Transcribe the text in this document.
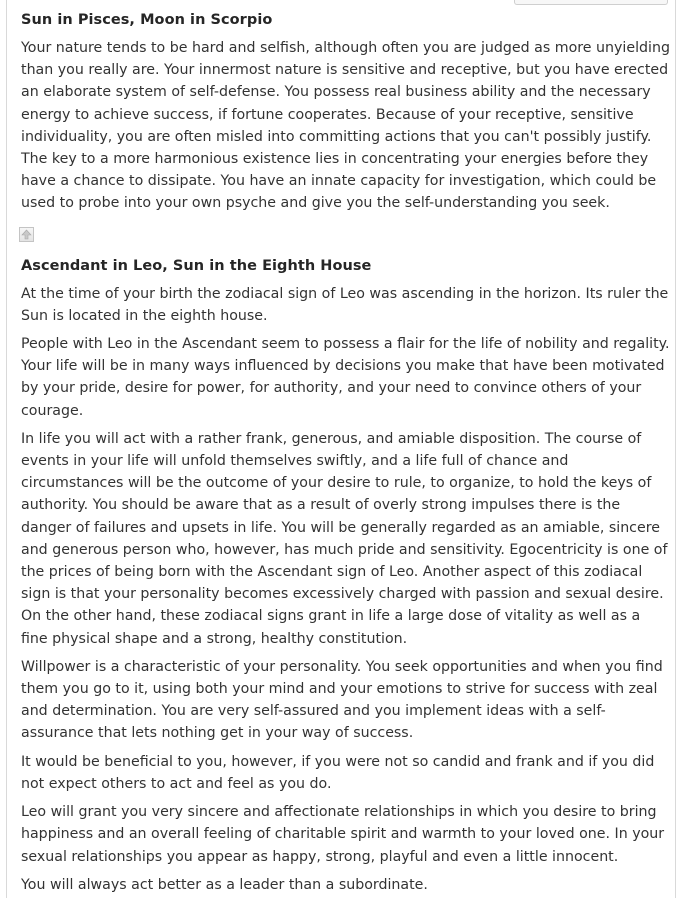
Sun in Pisces, Moon in Scorpio

Your nature tends to be hard and selfish, although often you are judged as more unyielding than you really are. Your innermost nature is sensitive and receptive, but you have erected an elaborate system of self-defense. You possess real business ability and the necessary energy to achieve success, if fortune cooperates. Because of your receptive, sensitive individuality, you are often misled into committing actions that you can't possibly justify. The key to a more harmonious existence lies in concentrating your energies before they have a chance to dissipate. You have an innate capacity for investigation, which could be used to probe into your own psyche and give you the self-understanding you seek.

Ascendant in Leo, Sun in the Eighth House

At the time of your birth the zodiacal sign of Leo was ascending in the horizon. Its ruler the Sun is located in the eighth house.

People with Leo in the Ascendant seem to possess a flair for the life of nobility and regality. Your life will be in many ways influenced by decisions you make that have been motivated by your pride, desire for power, for authority, and your need to convince others of your courage.

In life you will act with a rather frank, generous, and amiable disposition. The course of events in your life will unfold themselves swiftly, and a life full of chance and circumstances will be the outcome of your desire to rule, to organize, to hold the keys of authority. You should be aware that as a result of overly strong impulses there is the danger of failures and upsets in life. You will be generally regarded as an amiable, sincere and generous person who, however, has much pride and sensitivity. Egocentricity is one of the prices of being born with the Ascendant sign of Leo. Another aspect of this zodiacal sign is that your personality becomes excessively charged with passion and sexual desire. On the other hand, these zodiacal signs grant in life a large dose of vitality as well as a fine physical shape and a strong, healthy constitution.

Willpower is a characteristic of your personality. You seek opportunities and when you find them you go to it, using both your mind and your emotions to strive for success with zeal and determination. You are very self-assured and you implement ideas with a self-assurance that lets nothing get in your way of success.

It would be beneficial to you, however, if you were not so candid and frank and if you did not expect others to act and feel as you do.

Leo will grant you very sincere and affectionate relationships in which you desire to bring happiness and an overall feeling of charitable spirit and warmth to your loved one. In your sexual relationships you appear as happy, strong, playful and even a little innocent.

You will always act better as a leader than a subordinate.
